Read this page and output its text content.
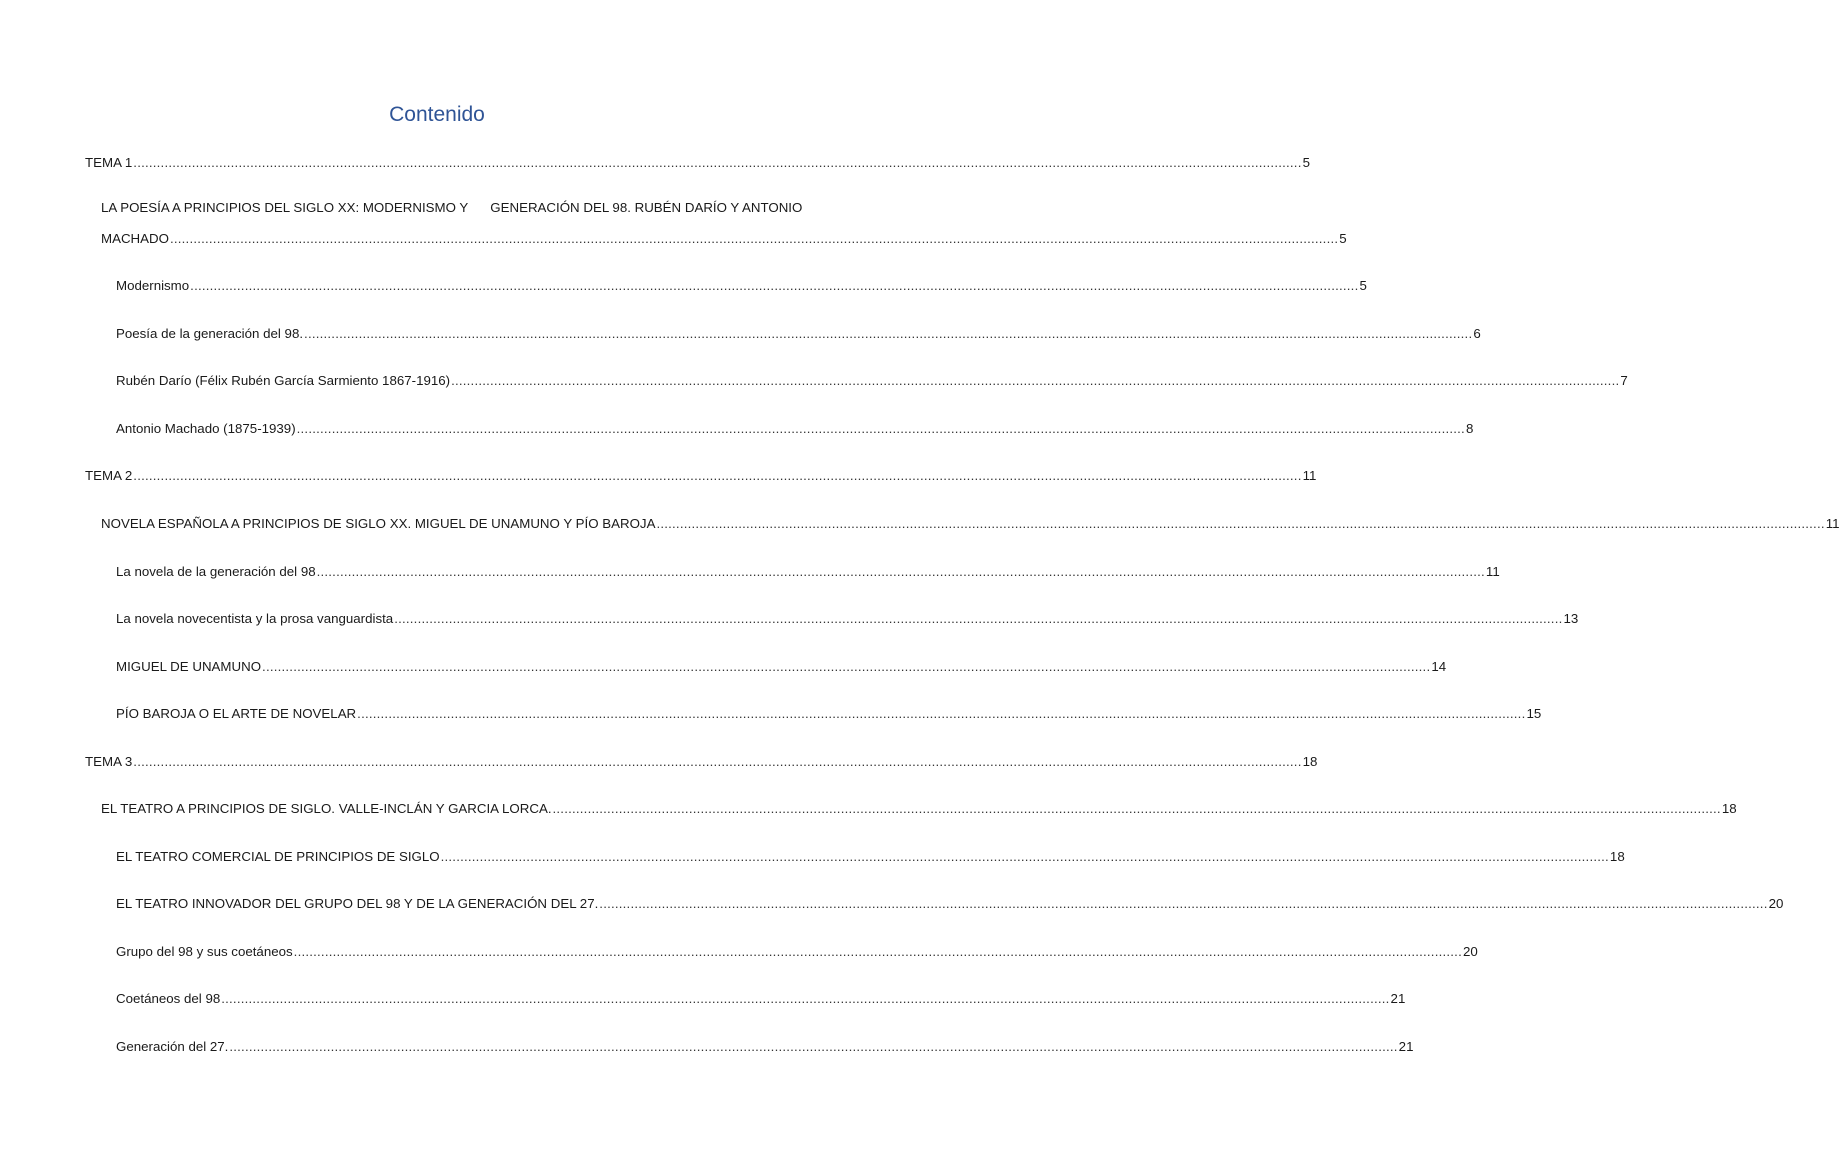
Contenido
TEMA 1 ............................................................................................................................................................................................................................................................................................................ 5
LA POESÍA A PRINCIPIOS DEL SIGLO XX: MODERNISMO Y GENERACIÓN DEL 98. RUBÉN DARÍO Y ANTONIO
MACHADO ............................................................................................................................................................................................................................................................................................................ 5
Modernismo ............................................................................................................................................................................................................................................................................................................ 5
Poesía de la generación del 98. ............................................................................................................................................................................................................................................................................................................ 6
Rubén Darío (Félix Rubén García Sarmiento 1867-1916) ............................................................................................................................................................................................................................................................................................................ 7
Antonio Machado (1875-1939) ............................................................................................................................................................................................................................................................................................................ 8
TEMA 2 ............................................................................................................................................................................................................................................................................................................ 11
NOVELA ESPAÑOLA A PRINCIPIOS DE SIGLO XX. MIGUEL DE UNAMUNO Y PÍO BAROJA ............................................................................................................................................................................................................................................................................................................ 11
La novela de la generación del 98 ............................................................................................................................................................................................................................................................................................................ 11
La novela novecentista y la prosa vanguardista ............................................................................................................................................................................................................................................................................................................ 13
MIGUEL DE UNAMUNO ............................................................................................................................................................................................................................................................................................................ 14
PÍO BAROJA O EL ARTE DE NOVELAR ............................................................................................................................................................................................................................................................................................................ 15
TEMA 3 ............................................................................................................................................................................................................................................................................................................ 18
EL TEATRO A PRINCIPIOS DE SIGLO. VALLE-INCLÁN Y GARCIA LORCA. ............................................................................................................................................................................................................................................................................................................ 18
EL TEATRO COMERCIAL DE PRINCIPIOS DE SIGLO ............................................................................................................................................................................................................................................................................................................ 18
EL TEATRO INNOVADOR DEL GRUPO DEL 98 Y DE LA GENERACIÓN DEL 27. ............................................................................................................................................................................................................................................................................................................ 20
Grupo del 98 y sus coetáneos ............................................................................................................................................................................................................................................................................................................ 20
Coetáneos del 98 ............................................................................................................................................................................................................................................................................................................ 21
Generación del 27. ............................................................................................................................................................................................................................................................................................................ 21
